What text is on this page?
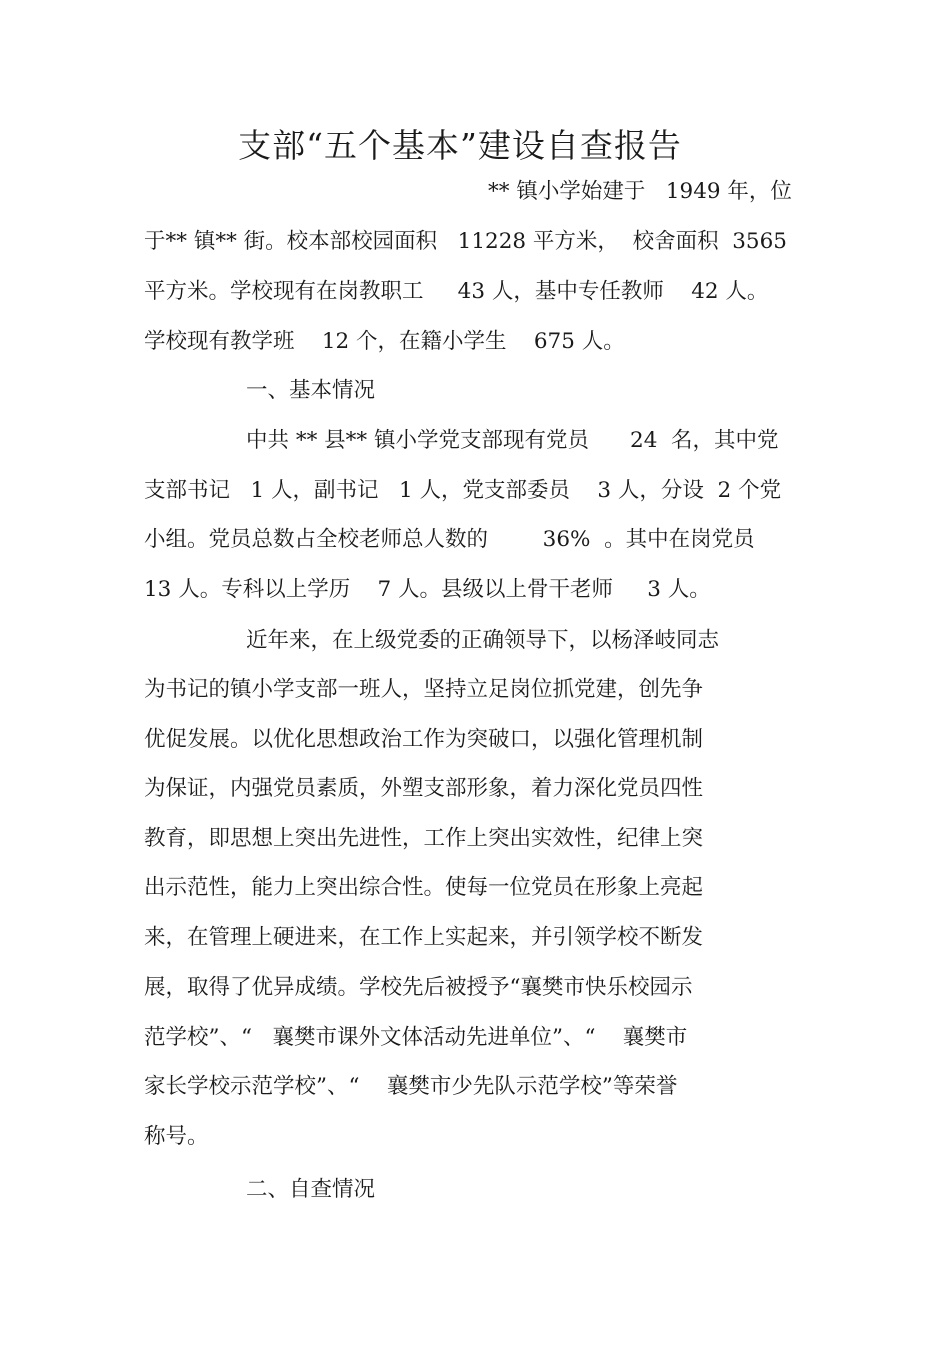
支部“五个基本”建设自查报告

** 镇小学始建于   1949 年，位

于** 镇** 街。校本部校园面积   11228 平方米，  校舍面积  3565

平方米。学校现有在岗教职工     43 人，基中专任教师    42 人。

学校现有教学班    12 个，在籍小学生    675 人。

一、基本情况

中共 ** 县** 镇小学党支部现有党员      24  名，其中党

支部书记   1 人，副书记   1 人，党支部委员    3 人，分设  2 个党

小组。党员总数占全校老师总人数的        36%  。其中在岗党员

13 人。专科以上学历    7 人。县级以上骨干老师     3 人。

近年来，在上级党委的正确领导下，以杨泽岐同志

为书记的镇小学支部一班人，坚持立足岗位抓党建，创先争

优促发展。以优化思想政治工作为突破口，以强化管理机制

为保证，内强党员素质，外塑支部形象，着力深化党员四性

教育，即思想上突出先进性，工作上突出实效性，纪律上突

出示范性，能力上突出综合性。使每一位党员在形象上亮起

来，在管理上硬进来，在工作上实起来，并引领学校不断发

展，取得了优异成绩。学校先后被授予“襄樊市快乐校园示

范学校”、“   襄樊市课外文体活动先进单位”、“    襄樊市

家长学校示范学校”、“    襄樊市少先队示范学校”等荣誉

称号。

二、自查情况
